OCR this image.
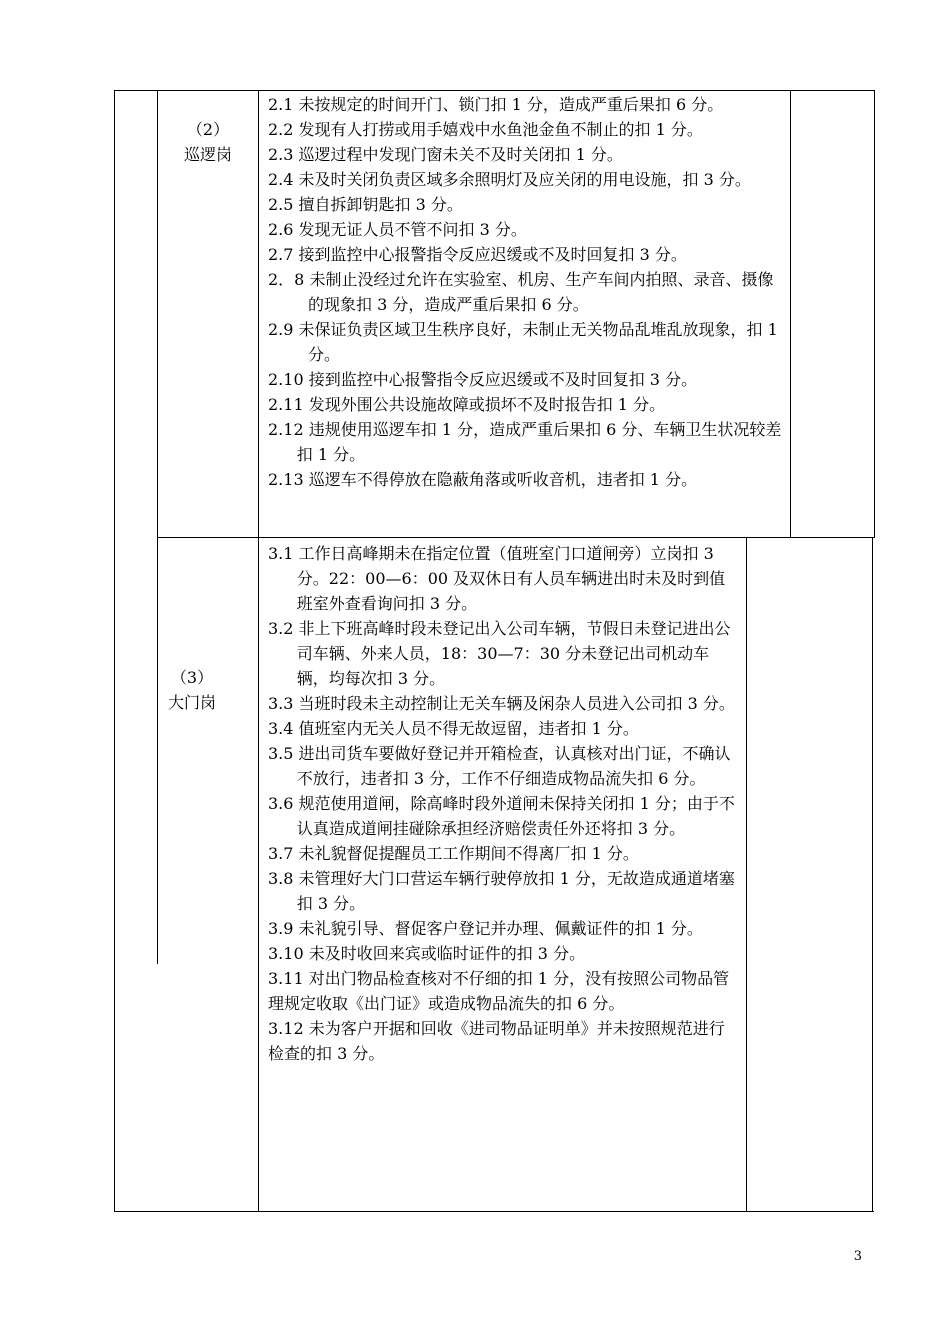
（2）
巡逻岗

2.1 未按规定的时间开门、锁门扣 1 分，造成严重后果扣 6 分。

2.2 发现有人打捞或用手嬉戏中水鱼池金鱼不制止的扣 1 分。

2.3 巡逻过程中发现门窗未关不及时关闭扣 1 分。

2.4 未及时关闭负责区域多余照明灯及应关闭的用电设施，扣 3 分。

2.5 擅自拆卸钥匙扣 3 分。

2.6 发现无证人员不管不问扣 3 分。

2.7 接到监控中心报警指令反应迟缓或不及时回复扣 3 分。

2．8 未制止没经过允许在实验室、机房、生产车间内拍照、录音、摄像的现象扣 3 分，造成严重后果扣 6 分。

2.9 未保证负责区域卫生秩序良好，未制止无关物品乱堆乱放现象，扣 1 分。

2.10 接到监控中心报警指令反应迟缓或不及时回复扣 3 分。

2.11 发现外围公共设施故障或损坏不及时报告扣 1 分。

2.12 违规使用巡逻车扣 1 分，造成严重后果扣 6 分、车辆卫生状况较差扣 1 分。

2.13 巡逻车不得停放在隐蔽角落或听收音机，违者扣 1 分。

（3）
大门岗

3.1 工作日高峰期未在指定位置（值班室门口道闸旁）立岗扣 3 分。22：00—6：00 及双休日有人员车辆进出时未及时到值班室外查看询问扣 3 分。

3.2 非上下班高峰时段未登记出入公司车辆，节假日未登记进出公司车辆、外来人员，18：30—7：30 分未登记出司机动车辆，均每次扣 3 分。

3.3 当班时段未主动控制让无关车辆及闲杂人员进入公司扣 3 分。

3.4 值班室内无关人员不得无故逗留，违者扣 1 分。

3.5 进出司货车要做好登记并开箱检查，认真核对出门证，不确认不放行，违者扣 3 分，工作不仔细造成物品流失扣 6 分。

3.6 规范使用道闸，除高峰时段外道闸未保持关闭扣 1 分；由于不认真造成道闸挂碰除承担经济赔偿责任外还将扣 3 分。

3.7 未礼貌督促提醒员工工作期间不得离厂扣 1 分。

3.8 未管理好大门口营运车辆行驶停放扣 1 分，无故造成通道堵塞扣 3 分。

3.9 未礼貌引导、督促客户登记并办理、佩戴证件的扣 1 分。

3.10 未及时收回来宾或临时证件的扣 3 分。

3.11 对出门物品检查核对不仔细的扣 1 分，没有按照公司物品管

理规定收取《出门证》或造成物品流失的扣 6 分。

3.12 未为客户开据和回收《进司物品证明单》并未按照规范进行

检查的扣 3 分。

3
